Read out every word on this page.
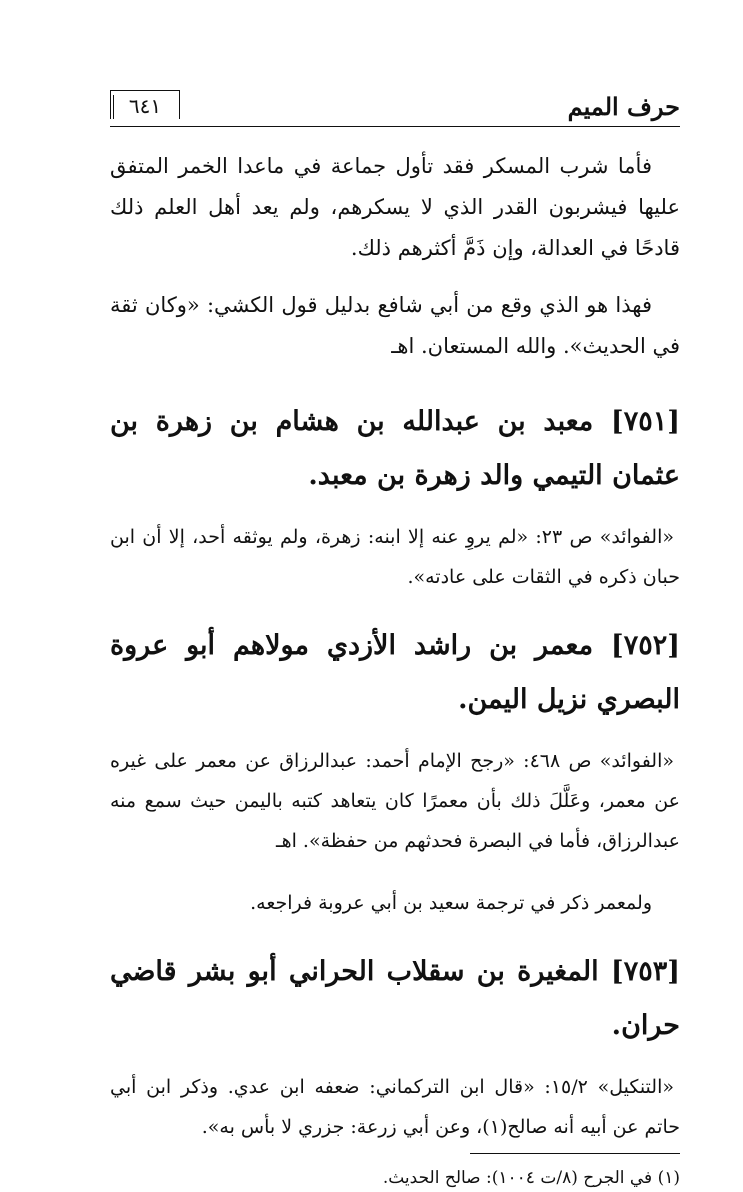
حرف الميم
٦٤١

فأما شرب المسكر فقد تأول جماعة في ماعدا الخمر المتفق عليها فيشربون القدر الذي لا يسكرهم، ولم يعد أهل العلم ذلك قادحًا في العدالة، وإن ذَمَّ أكثرهم ذلك.

فهذا هو الذي وقع من أبي شافع بدليل قول الكشي: «وكان ثقة في الحديث». والله المستعان. اهـ

[٧٥١] معبد بن عبدالله بن هشام بن زهرة بن عثمان التيمي والد زهرة بن معبد.

«الفوائد» ص ٢٣: «لم يروِ عنه إلا ابنه: زهرة، ولم يوثقه أحد، إلا أن ابن حبان ذكره في الثقات على عادته».

[٧٥٢] معمر بن راشد الأزدي مولاهم أبو عروة البصري نزيل اليمن.

«الفوائد» ص ٤٦٨: «رجح الإمام أحمد: عبدالرزاق عن معمر على غيره عن معمر، وعَلَّلَ ذلك بأن معمرًا كان يتعاهد كتبه باليمن حيث سمع منه عبدالرزاق، فأما في البصرة فحدثهم من حفظة». اهـ

ولمعمر ذكر في ترجمة سعيد بن أبي عروبة فراجعه.

[٧٥٣] المغيرة بن سقلاب الحراني أبو بشر قاضي حران.

«التنكيل» ١٥/٢: «قال ابن التركماني: ضعفه ابن عدي. وذكر ابن أبي حاتم عن أبيه أنه صالح(١)، وعن أبي زرعة: جزري لا بأس به».

(١) في الجرح (٨/ت ١٠٠٤): صالح الحديث.
